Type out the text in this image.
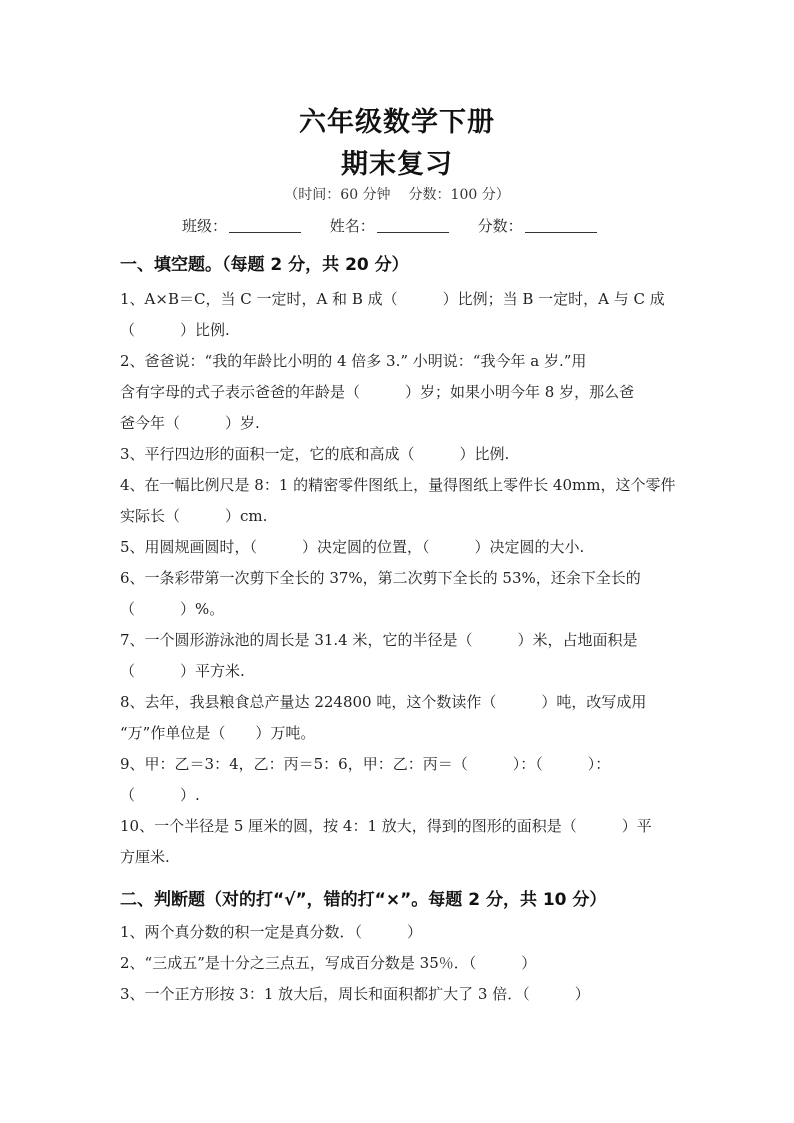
六年级数学下册
期末复习
（时间：60 分钟 分数：100 分）
班级：	姓名：	分数：
一、填空题。（每题 2 分，共 20 分）
1、A×B＝C，当 C 一定时，A 和 B 成（　　　）比例；当 B 一定时，A 与 C 成
（　　　）比例.
2、爸爸说：“我的年龄比小明的 4 倍多 3.” 小明说：“我今年 a 岁.”用
含有字母的式子表示爸爸的年龄是（　　　）岁；如果小明今年 8 岁，那么爸
爸今年（　　　）岁.
3、平行四边形的面积一定，它的底和高成（　　　）比例.
4、在一幅比例尺是 8：1 的精密零件图纸上，量得图纸上零件长 40mm，这个零件
实际长（　　　）cm.
5、用圆规画圆时，（　　　）决定圆的位置，（　　　）决定圆的大小.
6、一条彩带第一次剪下全长的 37%，第二次剪下全长的 53%，还余下全长的
（　　　）%。
7、一个圆形游泳池的周长是 31.4 米，它的半径是（　　　）米，占地面积是
（　　　）平方米.
8、去年，我县粮食总产量达 224800 吨，这个数读作（　　　）吨，改写成用
“万”作单位是（　　）万吨。
9、甲：乙＝3：4，乙：丙＝5：6，甲：乙：丙＝（　　　）：（　　　）：
（　　　）.
10、一个半径是 5 厘米的圆，按 4：1 放大，得到的图形的面积是（　　　）平
方厘米.
二、判断题（对的打“√”，错的打“×”。每题 2 分，共 10 分）
1、两个真分数的积一定是真分数．（　　　）
2、“三成五”是十分之三点五，写成百分数是 35％．（　　　）
3、一个正方形按 3：1 放大后，周长和面积都扩大了 3 倍．（　　　）
